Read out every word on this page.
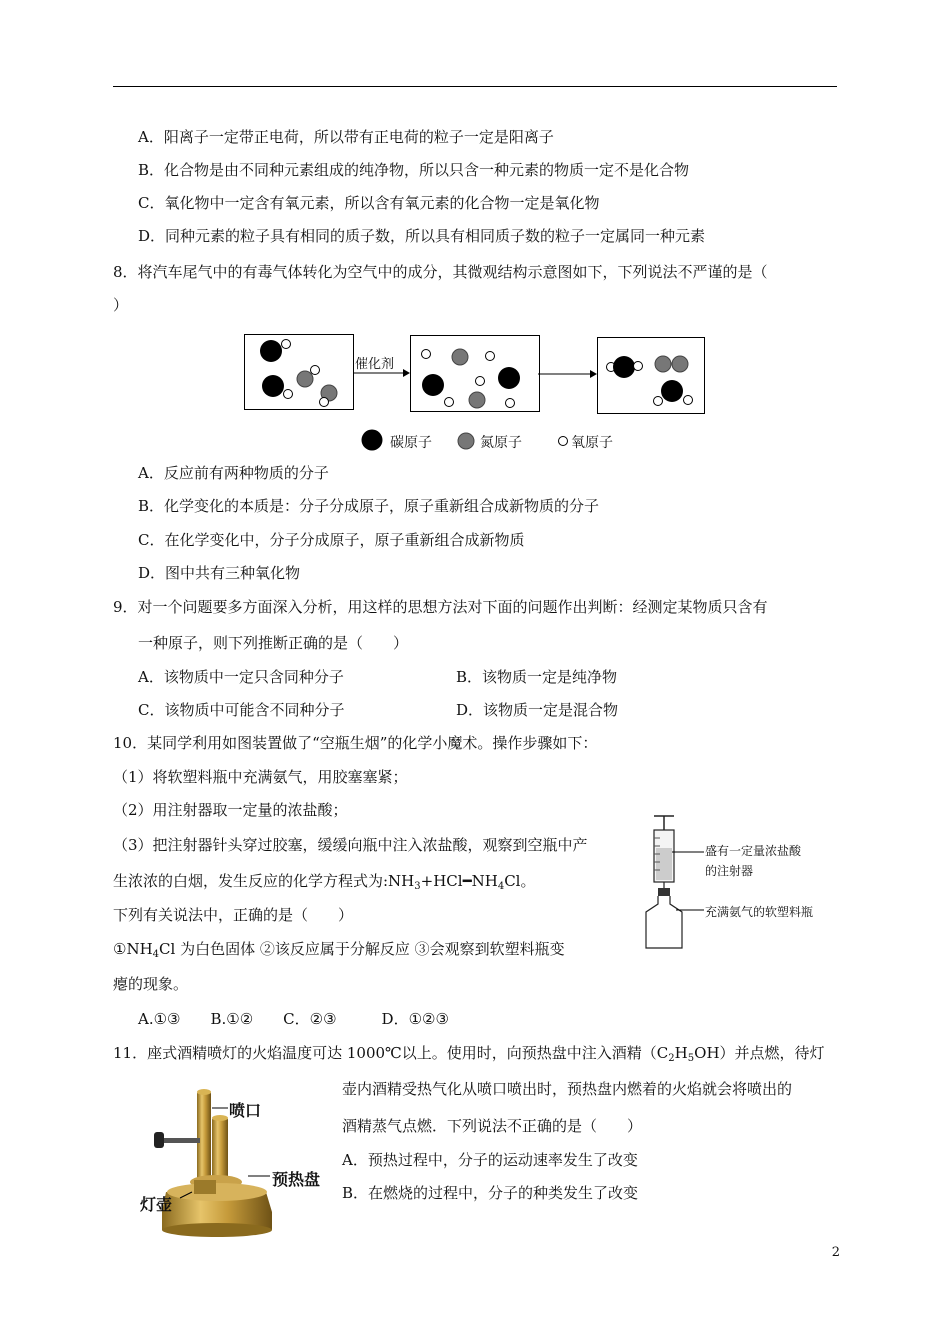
A．阳离子一定带正电荷，所以带有正电荷的粒子一定是阳离子
B．化合物是由不同种元素组成的纯净物，所以只含一种元素的物质一定不是化合物
C．氧化物中一定含有氧元素，所以含有氧元素的化合物一定是氧化物
D．同种元素的粒子具有相同的质子数，所以具有相同质子数的粒子一定属同一种元素
8．将汽车尾气中的有毒气体转化为空气中的成分，其微观结构示意图如下，下列说法不严谨的是（
）
催化剂
碳原子	氮原子	氧原子
A．反应前有两种物质的分子
B．化学变化的本质是：分子分成原子，原子重新组合成新物质的分子
C．在化学变化中，分子分成原子，原子重新组合成新物质
D．图中共有三种氧化物
9．对一个问题要多方面深入分析，用这样的思想方法对下面的问题作出判断：经测定某物质只含有
一种原子，则下列推断正确的是（　　）
A．该物质中一定只含同种分子	B．该物质一定是纯净物
C．该物质中可能含不同种分子	D．该物质一定是混合物
10．某同学利用如图装置做了“空瓶生烟”的化学小魔术。操作步骤如下：
（1）将软塑料瓶中充满氨气，用胶塞塞紧；
（2）用注射器取一定量的浓盐酸；
（3）把注射器针头穿过胶塞，缓缓向瓶中注入浓盐酸，观察到空瓶中产
生浓浓的白烟，发生反应的化学方程式为$:NH_3+HCl━NH_4Cl$。
下列有关说法中，正确的是（　　）
$①NH_4Cl$ 为白色固体 ②该反应属于分解反应 ③会观察到软塑料瓶变
瘪的现象。
A.①③　　B.①②　　C．②③　　　D．①②③
盛有一定量浓盐酸
的注射器
充满氨气的软塑料瓶
11．座式酒精喷灯的火焰温度可达 1000℃以上。使用时，向预热盘中注入酒精$(C_2H_5OH)$并点燃，待灯
壶内酒精受热气化从喷口喷出时，预热盘内燃着的火焰就会将喷出的
酒精蒸气点燃．下列说法不正确的是（　　）
A．预热过程中，分子的运动速率发生了改变
B．在燃烧的过程中，分子的种类发生了改变
喷口
预热盘
灯壶
2
